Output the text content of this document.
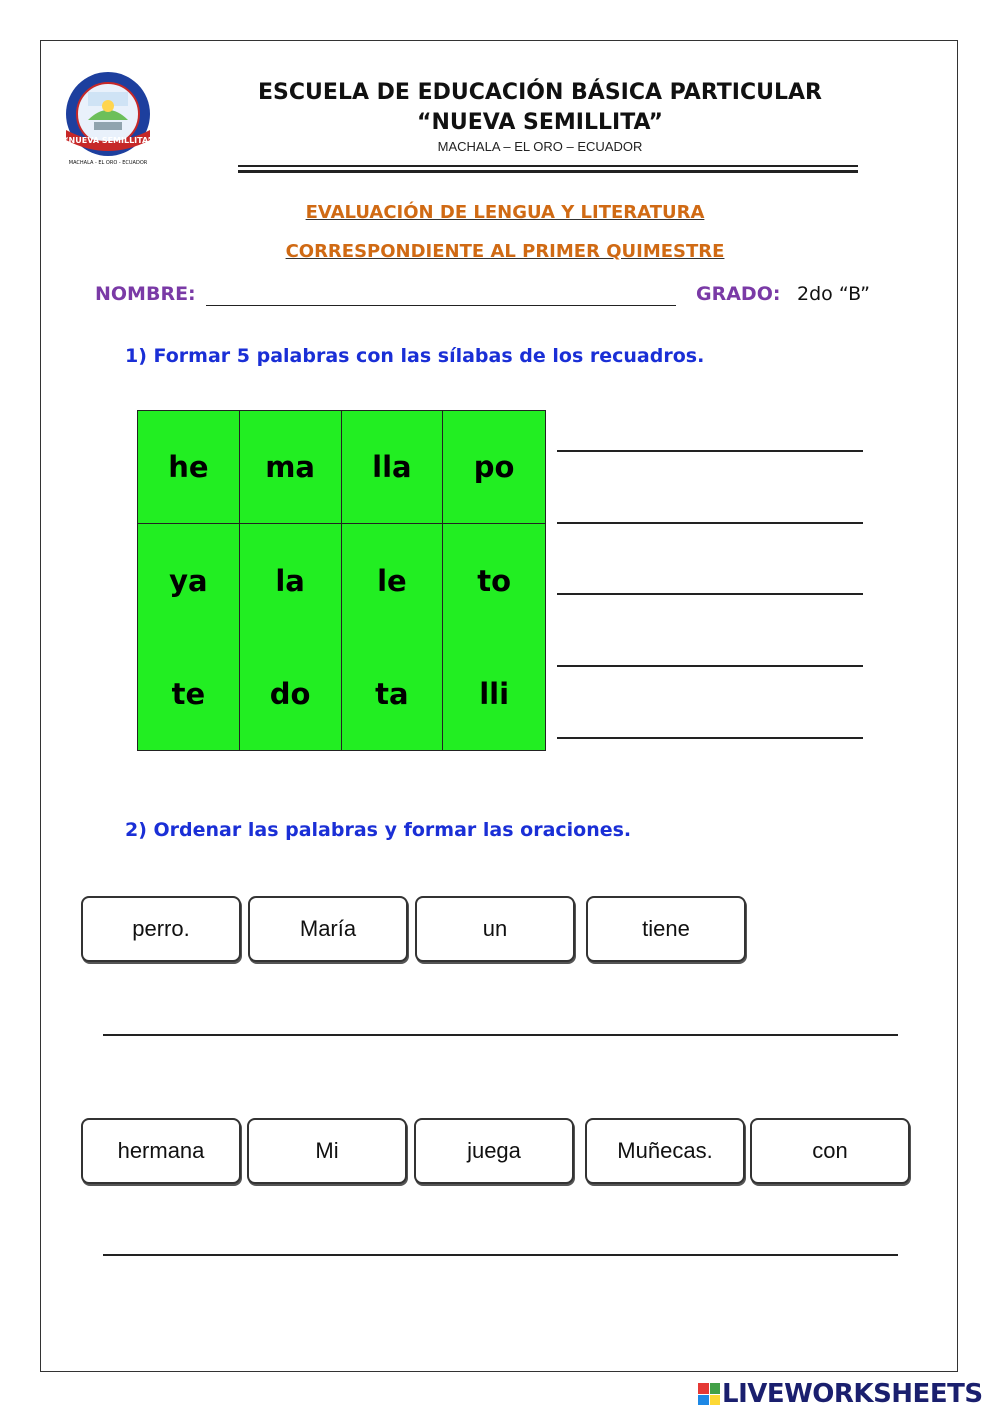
“NUEVA SEMILLITA”
MACHALA - EL ORO - ECUADOR
ESCUELA DE EDUCACIÓN BÁSICA PARTICULAR
“NUEVA SEMILLITA”
MACHALA – EL ORO – ECUADOR
EVALUACIÓN DE LENGUA Y LITERATURA
CORRESPONDIENTE AL PRIMER QUIMESTRE
NOMBRE:	GRADO: 2do “B”
1) Formar 5 palabras con las sílabas de los recuadros.
he	ma	lla	po
ya	la	le	to
te	do	ta	lli
2) Ordenar las palabras y formar las oraciones.
perro.	María	un	tiene
hermana	Mi	juega	Muñecas.	con
LIVEWORKSHEETS
